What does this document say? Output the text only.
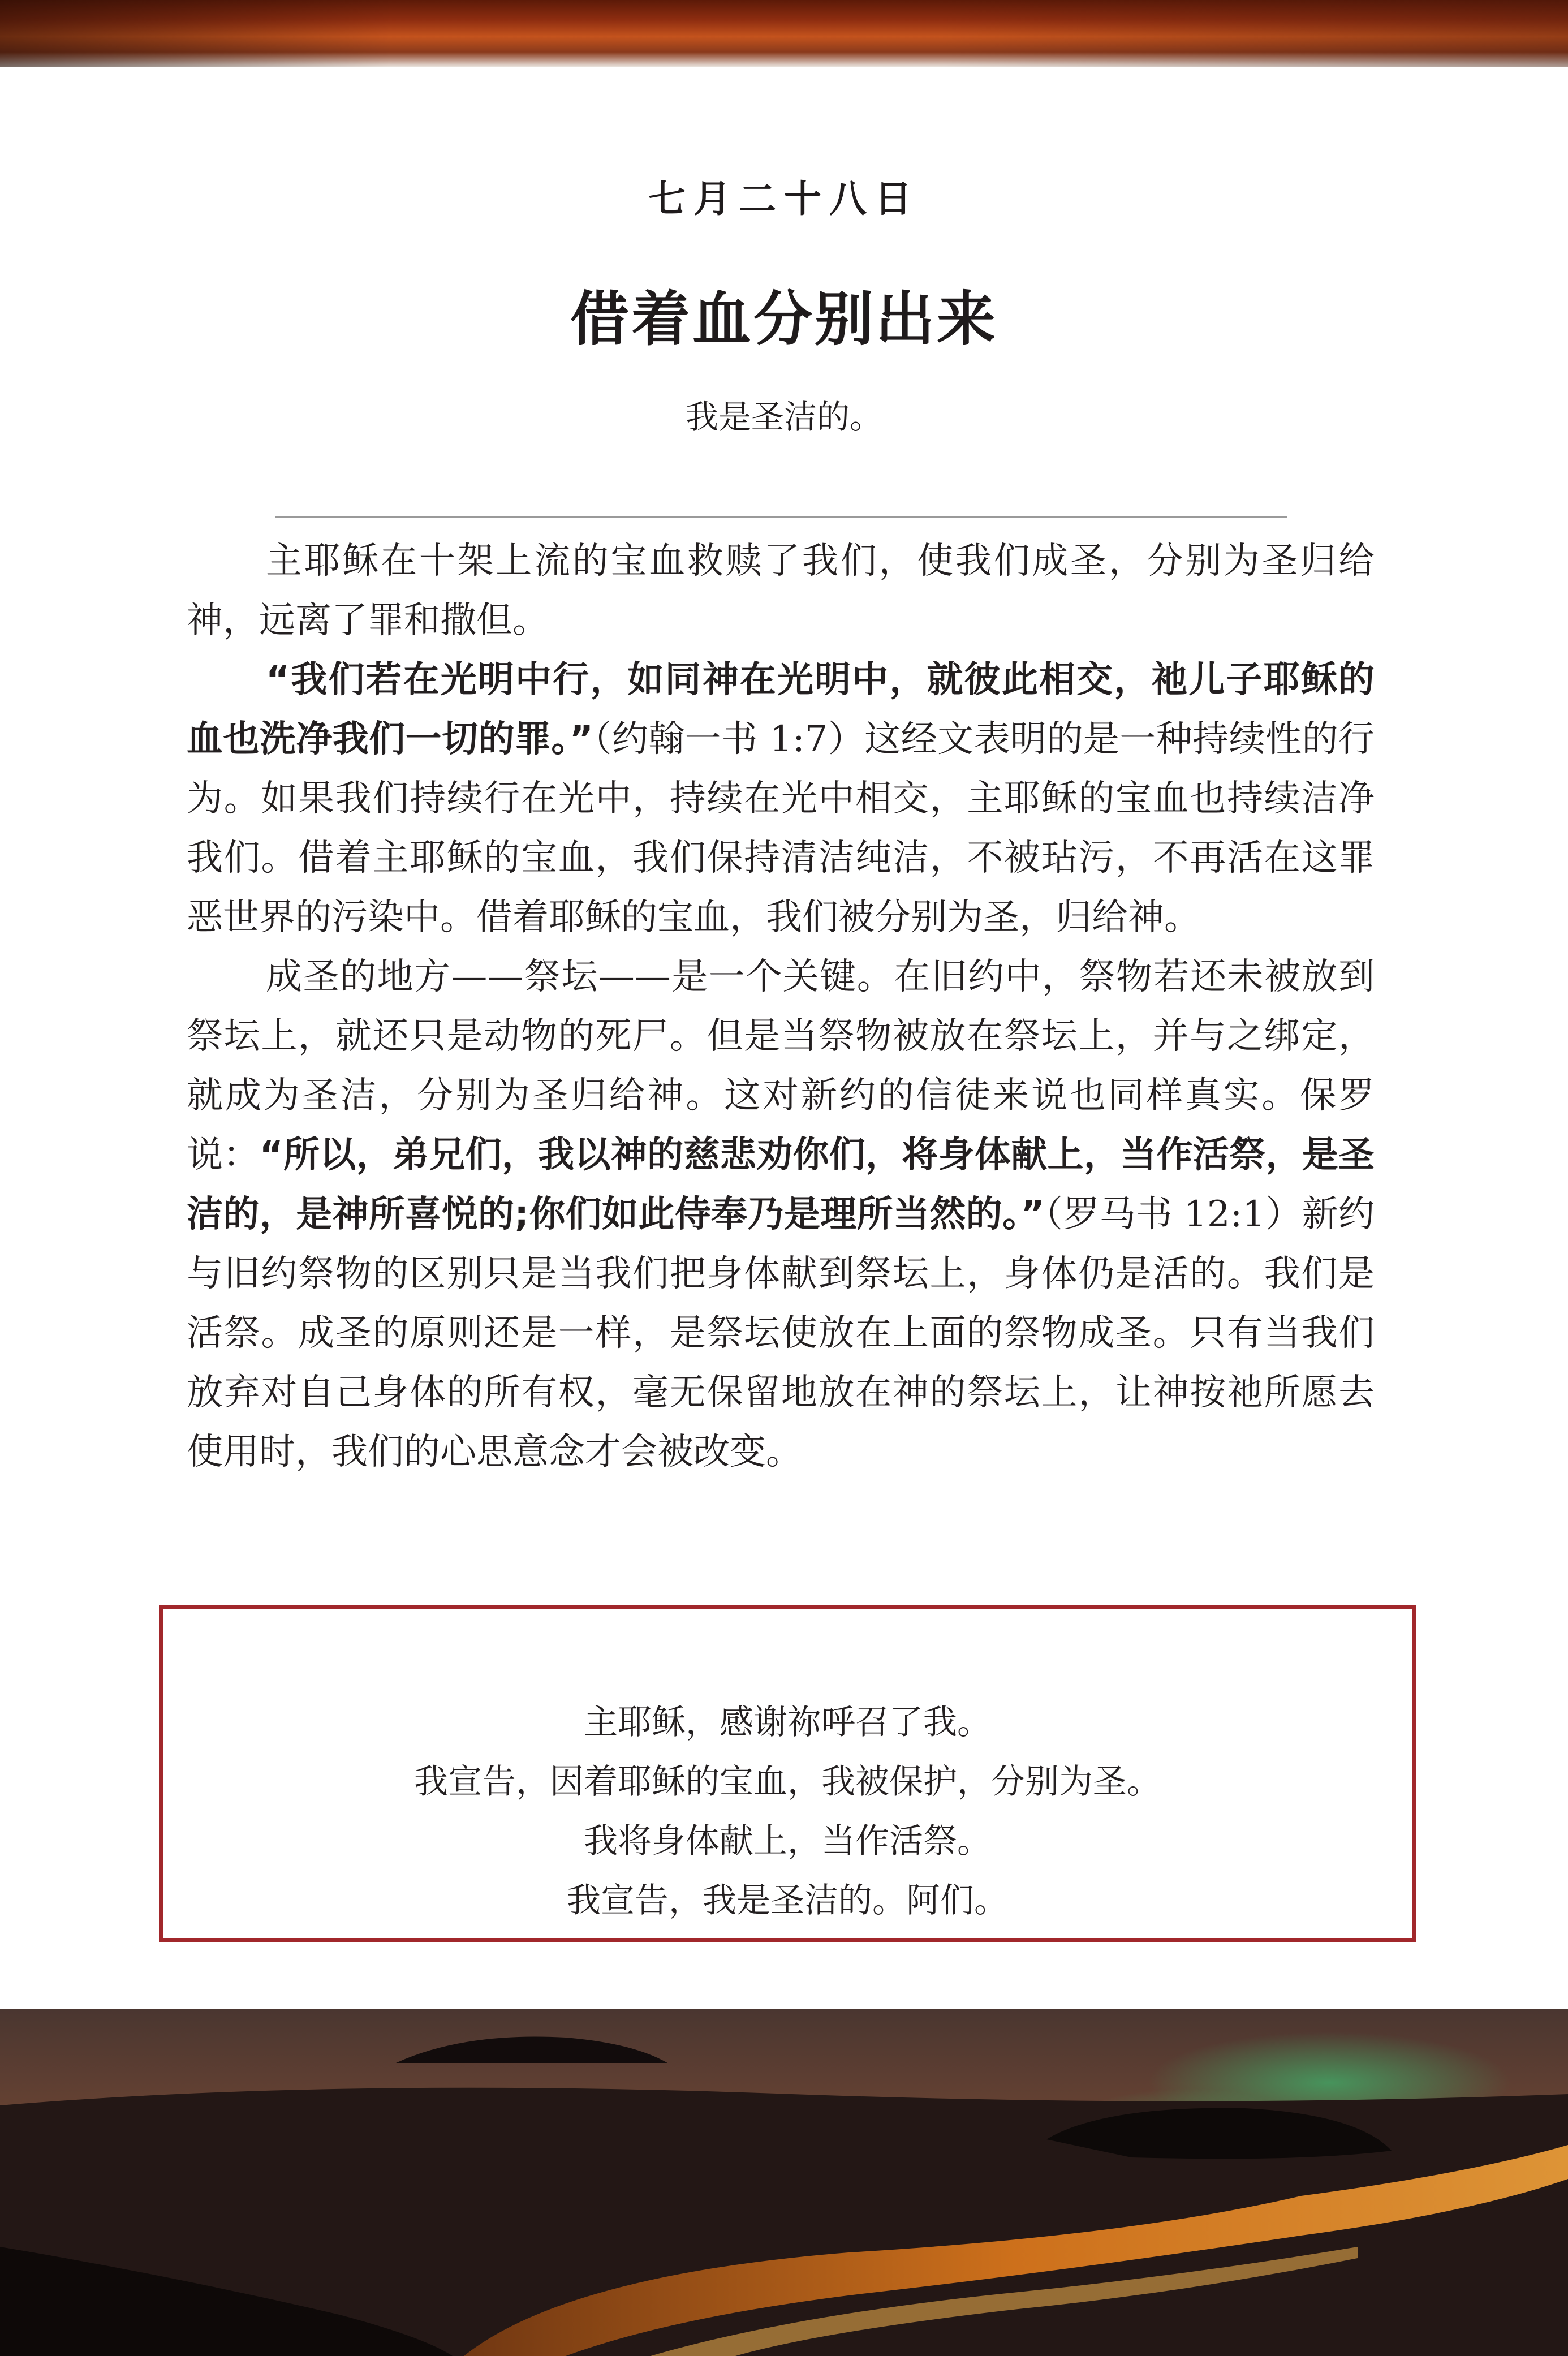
七月二十八日
借着血分别出来
我是圣洁的。

主耶稣在十架上流的宝血救赎了我们，使我们成圣，分别为圣归给神，远离了罪和撒但。

“我们若在光明中行，如同神在光明中，就彼此相交，祂儿子耶稣的血也洗净我们一切的罪。”（约翰一书 1:7）这经文表明的是一种持续性的行为。如果我们持续行在光中，持续在光中相交，主耶稣的宝血也持续洁净我们。借着主耶稣的宝血，我们保持清洁纯洁，不被玷污，不再活在这罪恶世界的污染中。借着耶稣的宝血，我们被分别为圣，归给神。

成圣的地方——祭坛——是一个关键。在旧约中，祭物若还未被放到祭坛上，就还只是动物的死尸。但是当祭物被放在祭坛上，并与之绑定，就成为圣洁，分别为圣归给神。这对新约的信徒来说也同样真实。保罗说：“所以，弟兄们，我以神的慈悲劝你们，将身体献上，当作活祭，是圣洁的，是神所喜悦的;你们如此侍奉乃是理所当然的。”（罗马书 12:1）新约与旧约祭物的区别只是当我们把身体献到祭坛上，身体仍是活的。我们是活祭。成圣的原则还是一样，是祭坛使放在上面的祭物成圣。只有当我们放弃对自己身体的所有权，毫无保留地放在神的祭坛上，让神按祂所愿去使用时，我们的心思意念才会被改变。

主耶稣，感谢祢呼召了我。
我宣告，因着耶稣的宝血，我被保护，分别为圣。
我将身体献上，当作活祭。
我宣告，我是圣洁的。阿们。
